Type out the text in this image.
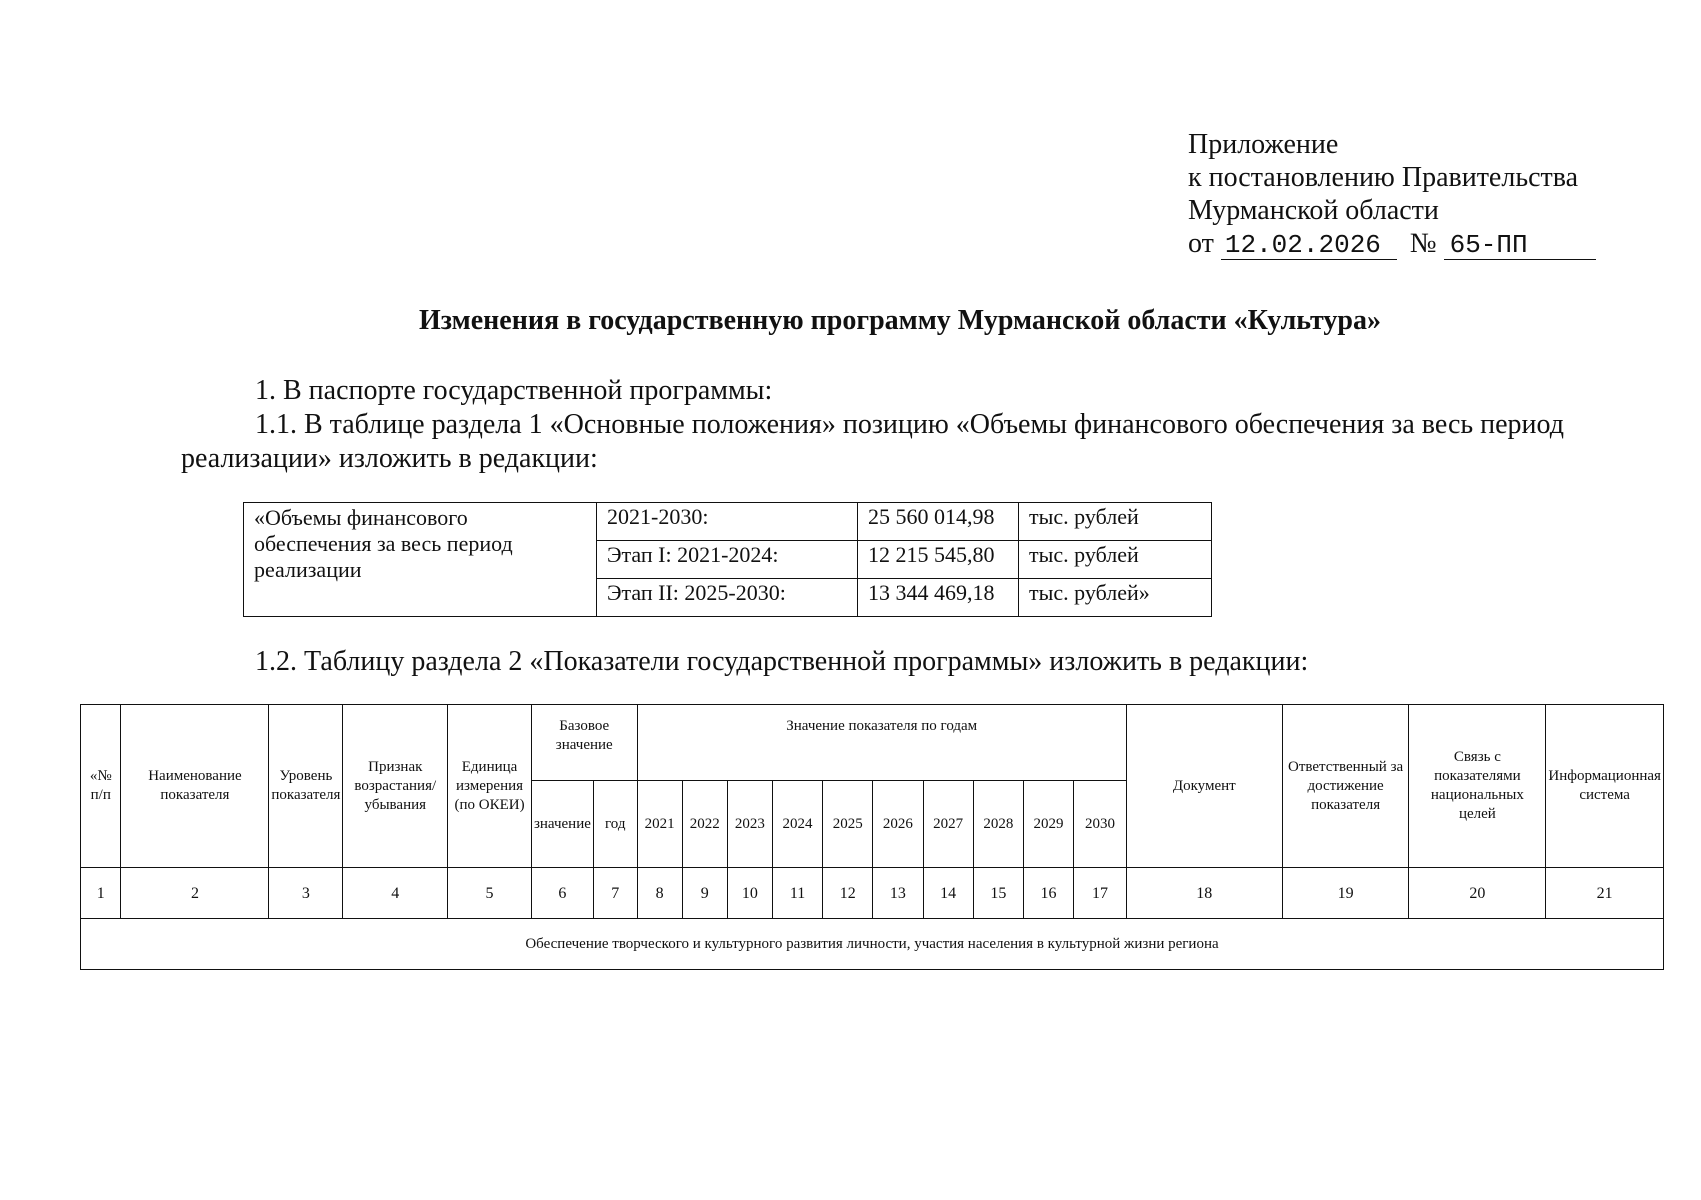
Приложение
к постановлению Правительства
Мурманской области
от 12.02.2026 № 65-ПП
Изменения в государственную программу Мурманской области «Культура»
1. В паспорте государственной программы:
1.1. В таблице раздела 1 «Основные положения» позицию «Объемы финансового обеспечения за весь период
реализации» изложить в редакции:
«Объемы финансового обеспечения за весь период реализации	2021-2030:	25 560 014,98	тыс. рублей
	Этап I: 2021-2024:	12 215 545,80	тыс. рублей
	Этап II: 2025-2030:	13 344 469,18	тыс. рублей»
1.2. Таблицу раздела 2 «Показатели государственной программы» изложить в редакции:
«№ п/п	Наименование показателя	Уровень показателя	Признак возрастания/ убывания	Единица измерения (по ОКЕИ)	Базовое значение		Значение показателя по годам										Документ	Ответственный за достижение показателя	Связь с показателями национальных целей	Информационная система
					значение	год	2021	2022	2023	2024	2025	2026	2027	2028	2029	2030				
1	2	3	4	5	6	7	8	9	10	11	12	13	14	15	16	17	18	19	20	21
Обеспечение творческого и культурного развития личности, участия населения в культурной жизни региона																				
